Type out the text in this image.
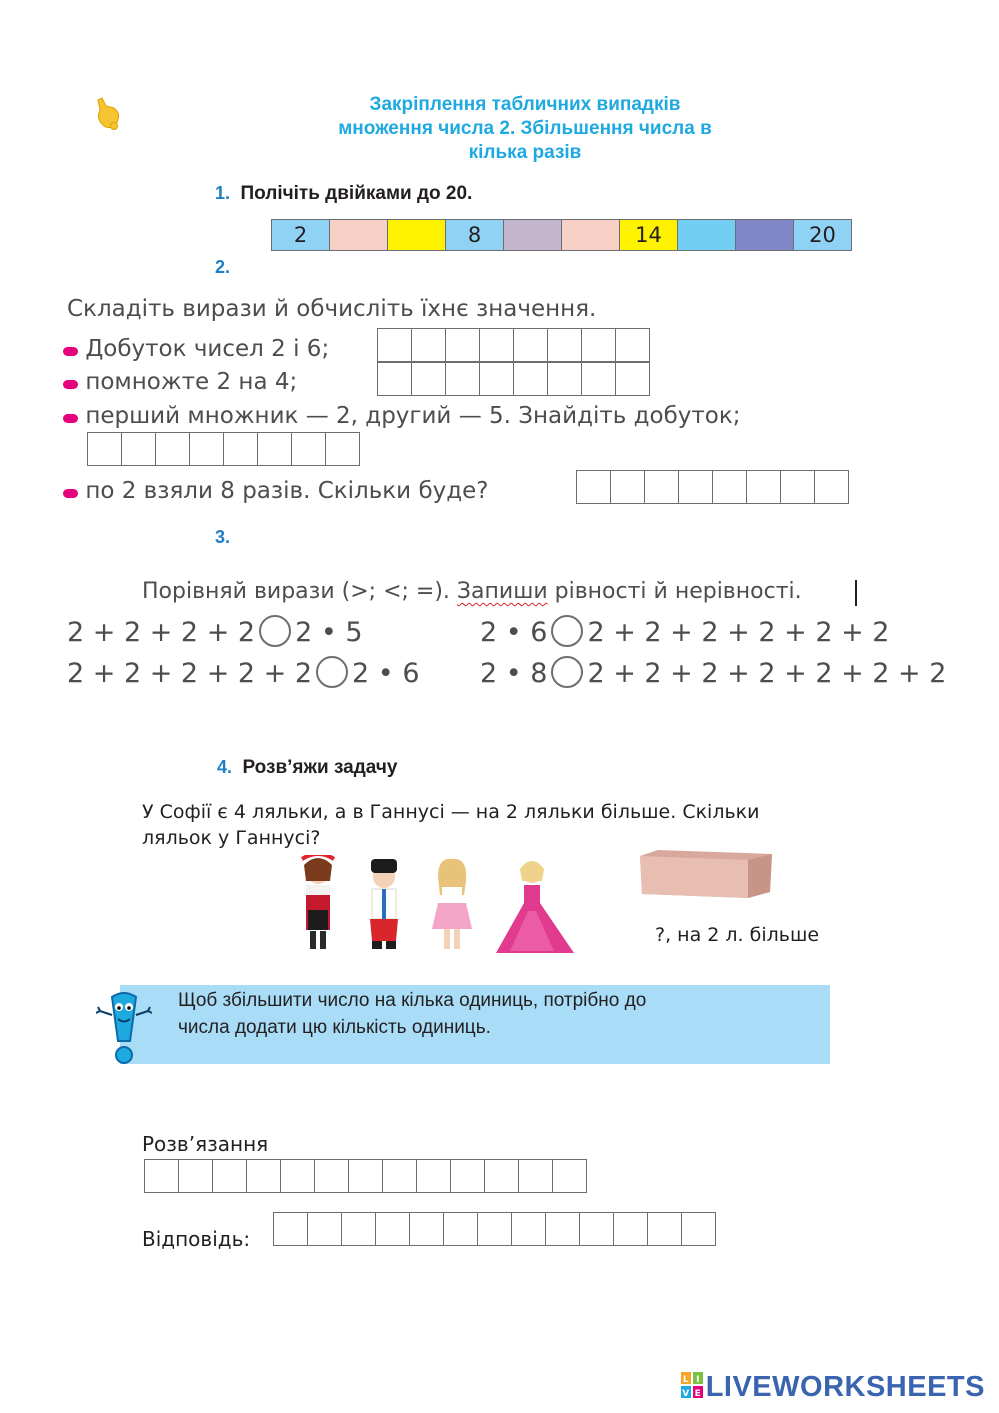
Закріплення табличних випадків
множення числа 2. Збільшення числа в
кілька разів
1. Полічіть двійками до 20.
2	8	14	20
2.
Складіть вирази й обчисліть їхнє значення.
Добуток чисел 2 і 6;
помножте 2 на 4;
перший множник — 2, другий — 5. Знайдіть добуток;
по 2 взяли 8 разів. Скільки буде?
3.
Порівняй вирази (>; <; =). Запиши рівності й нерівності.
2 + 2 + 2 + 2 2 • 5
2 + 2 + 2 + 2 + 2 2 • 6
2 • 6 2 + 2 + 2 + 2 + 2 + 2
2 • 8 2 + 2 + 2 + 2 + 2 + 2 + 2
4. Розв’яжи задачу
У Софії є 4 ляльки, а в Ганнусі — на 2 ляльки більше. Скільки
ляльок у Ганнусі?
?, на 2 л. більше
Щоб збільшити число на кілька одиниць, потрібно до
числа додати цю кількість одиниць.
Розв’язання
Відповідь:
L I
V E LIVEWORKSHEETS
